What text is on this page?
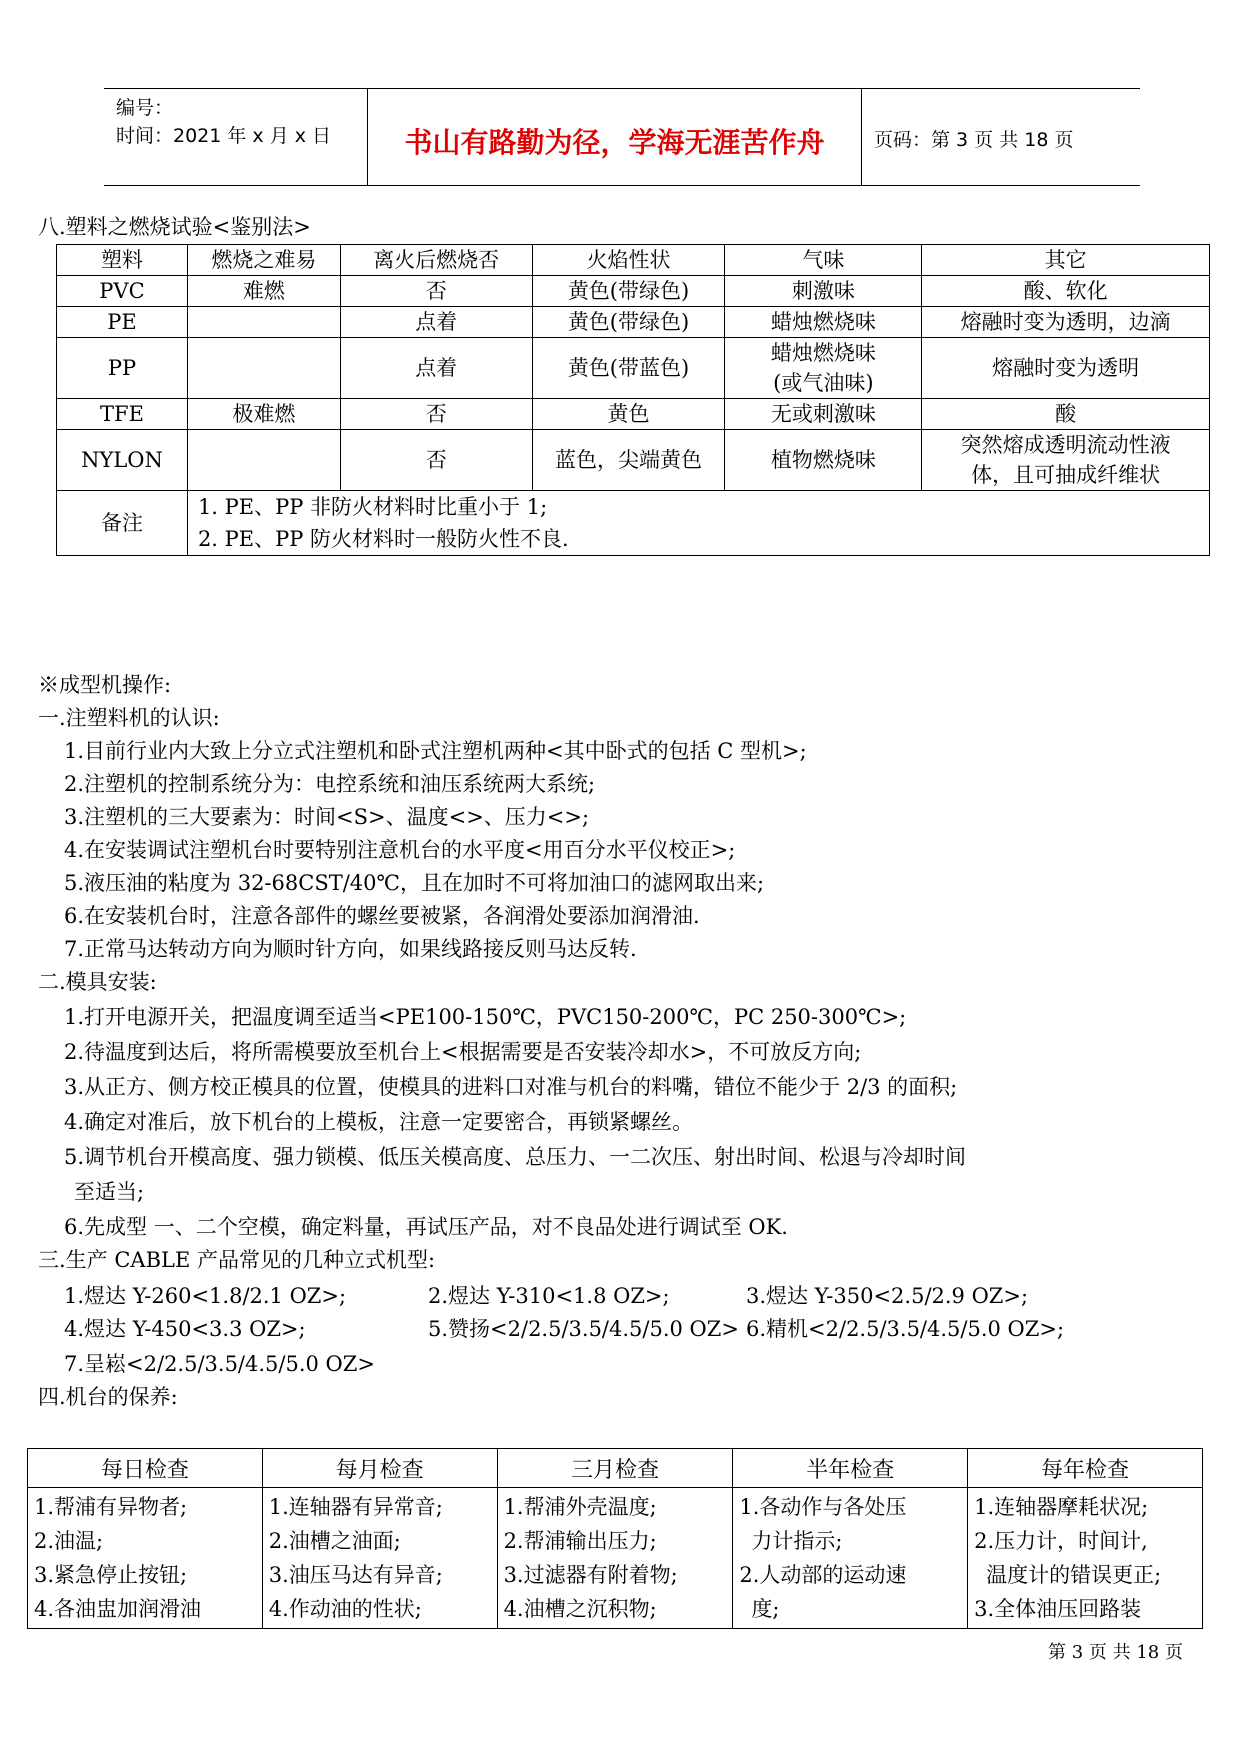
编号：
时间：2021 年 x 月 x 日	书山有路勤为径，学海无涯苦作舟	页码：第 3 页 共 18 页
八.塑料之燃烧试验<鉴别法>
塑料	燃烧之难易	离火后燃烧否	火焰性状	气味	其它
PVC	难燃	否	黄色(带绿色)	刺激味	酸、软化
PE		点着	黄色(带绿色)	蜡烛燃烧味	熔融时变为透明，边滴
PP		点着	黄色(带蓝色)	蜡烛燃烧味
(或气油味)	熔融时变为透明
TFE	极难燃	否	黄色	无或刺激味	酸
NYLON		否	蓝色，尖端黄色	植物燃烧味	突然熔成透明流动性液
体，且可抽成纤维状
备注	1. PE、PP 非防火材料时比重小于 1;
2. PE、PP 防火材料时一般防火性不良.				
※成型机操作:
一.注塑料机的认识:
1.目前行业内大致上分立式注塑机和卧式注塑机两种<其中卧式的包括 C 型机>;
2.注塑机的控制系统分为：电控系统和油压系统两大系统;
3.注塑机的三大要素为：时间<S>、温度<>、压力<>;
4.在安装调试注塑机台时要特别注意机台的水平度<用百分水平仪校正>;
5.液压油的粘度为 32-68CST/40℃，且在加时不可将加油口的滤网取出来;
6.在安装机台时，注意各部件的螺丝要被紧，各润滑处要添加润滑油.
7.正常马达转动方向为顺时针方向，如果线路接反则马达反转.
二.模具安装:
1.打开电源开关，把温度调至适当<PE100-150℃，PVC150-200℃，PC 250-300℃>;
2.待温度到达后，将所需模要放至机台上<根据需要是否安装冷却水>，不可放反方向;
3.从正方、侧方校正模具的位置，使模具的进料口对准与机台的料嘴，错位不能少于 2/3 的面积;
4.确定对准后，放下机台的上模板，注意一定要密合，再锁紧螺丝。
5.调节机台开模高度、强力锁模、低压关模高度、总压力、一二次压、射出时间、松退与冷却时间
至适当;
6.先成型 一、二个空模，确定料量，再试压产品，对不良品处进行调试至 OK.
三.生产 CABLE 产品常见的几种立式机型:
1.煜达 Y-260<1.8/2.1 OZ>;	2.煜达 Y-310<1.8 OZ>;	3.煜达 Y-350<2.5/2.9 OZ>;
4.煜达 Y-450<3.3 OZ>;	5.赞扬<2/2.5/3.5/4.5/5.0 OZ> 6.精机<2/2.5/3.5/4.5/5.0 OZ>;
7.呈崧<2/2.5/3.5/4.5/5.0 OZ>
四.机台的保养:
每日检查	每月检查	三月检查	半年检查	每年检查

1.帮浦有异物者;
2.油温;
3.紧急停止按钮;
4.各油盅加润滑油	1.连轴器有异常音;
2.油槽之油面;
3.油压马达有异音;
4.作动油的性状;	1.帮浦外壳温度;
2.帮浦输出压力;
3.过滤器有附着物;
4.油槽之沉积物;	1.各动作与各处压
力计指示;
2.人动部的运动速
度;	1.连轴器摩耗状况;
2.压力计，时间计,
温度计的错误更正;
3.全体油压回路装
第 3 页 共 18 页
